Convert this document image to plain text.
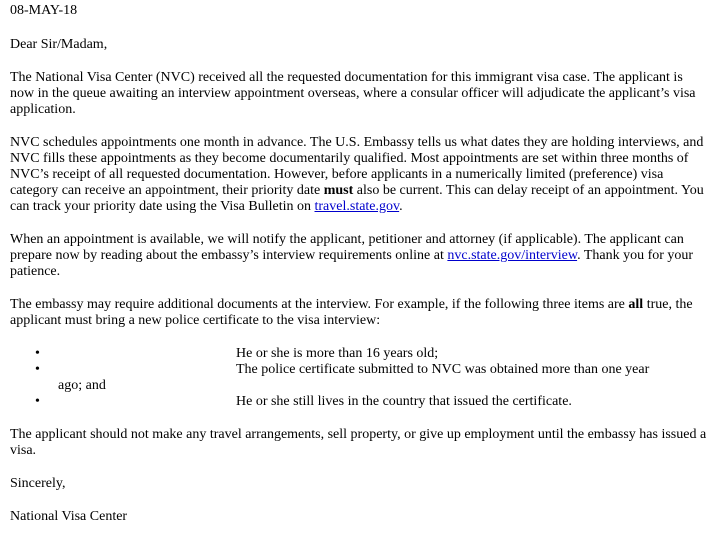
08-MAY-18

Dear Sir/Madam,

The National Visa Center (NVC) received all the requested documentation for this immigrant visa case. The applicant is now in the queue awaiting an interview appointment overseas, where a consular officer will adjudicate the applicant’s visa application.

NVC schedules appointments one month in advance. The U.S. Embassy tells us what dates they are holding interviews, and NVC fills these appointments as they become documentarily qualified. Most appointments are set within three months of NVC’s receipt of all requested documentation. However, before applicants in a numerically limited (preference) visa category can receive an appointment, their priority date must also be current. This can delay receipt of an appointment. You can track your priority date using the Visa Bulletin on travel.state.gov.

When an appointment is available, we will notify the applicant, petitioner and attorney (if applicable). The applicant can prepare now by reading about the embassy’s interview requirements online at nvc.state.gov/interview. Thank you for your patience.

The embassy may require additional documents at the interview. For example, if the following three items are all true, the applicant must bring a new police certificate to the visa interview:

•	He or she is more than 16 years old;
•	The police certificate submitted to NVC was obtained more than one year
ago; and
•	He or she still lives in the country that issued the certificate.

The applicant should not make any travel arrangements, sell property, or give up employment until the embassy has issued a visa.

Sincerely,

National Visa Center
